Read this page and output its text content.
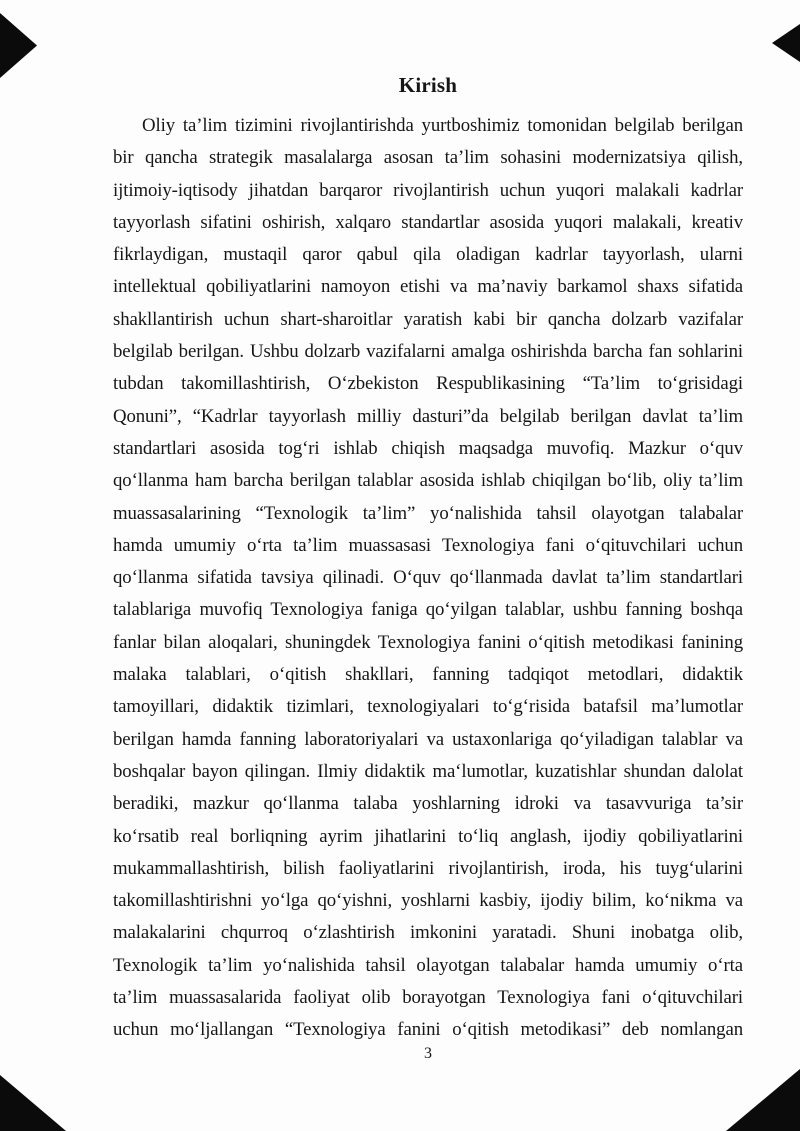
Kirish
Oliy ta’lim tizimini rivojlantirishda yurtboshimiz tomonidan belgilab berilgan
bir qancha strategik masalalarga asosan ta’lim sohasini modernizatsiya qilish,
ijtimoiy-iqtisody jihatdan barqaror rivojlantirish uchun yuqori malakali kadrlar
tayyorlash sifatini oshirish, xalqaro standartlar asosida yuqori malakali, kreativ
fikrlaydigan, mustaqil qaror qabul qila oladigan kadrlar tayyorlash, ularni
intellektual qobiliyatlarini namoyon etishi va ma’naviy barkamol shaxs sifatida
shakllantirish uchun shart-sharoitlar yaratish kabi bir qancha dolzarb vazifalar
belgilab berilgan. Ushbu dolzarb vazifalarni amalga oshirishda barcha fan sohlarini
tubdan takomillashtirish, Oʻzbekiston Respublikasining “Ta’lim toʻgrisidagi
Qonuni”, “Kadrlar tayyorlash milliy dasturi”da belgilab berilgan davlat ta’lim
standartlari asosida togʻri ishlab chiqish maqsadga muvofiq. Mazkur oʻquv
qoʻllanma ham barcha berilgan talablar asosida ishlab chiqilgan boʻlib, oliy ta’lim
muassasalarining “Texnologik ta’lim” yoʻnalishida tahsil olayotgan talabalar
hamda umumiy oʻrta ta’lim muassasasi Texnologiya fani oʻqituvchilari uchun
qoʻllanma sifatida tavsiya qilinadi. Oʻquv qoʻllanmada davlat ta’lim standartlari
talablariga muvofiq Texnologiya faniga qoʻyilgan talablar, ushbu fanning boshqa
fanlar bilan aloqalari, shuningdek Texnologiya fanini oʻqitish metodikasi fanining
malaka talablari, oʻqitish shakllari, fanning tadqiqot metodlari, didaktik
tamoyillari, didaktik tizimlari, texnologiyalari toʻgʻrisida batafsil ma’lumotlar
berilgan hamda fanning laboratoriyalari va ustaxonlariga qoʻyiladigan talablar va
boshqalar bayon qilingan. Ilmiy didaktik maʻlumotlar, kuzatishlar shundan dalolat
beradiki, mazkur qoʻllanma talaba yoshlarning idroki va tasavvuriga ta’sir
koʻrsatib real borliqning ayrim jihatlarini toʻliq anglash, ijodiy qobiliyatlarini
mukammallashtirish, bilish faoliyatlarini rivojlantirish, iroda, his tuygʻularini
takomillashtirishni yoʻlga qoʻyishni, yoshlarni kasbiy, ijodiy bilim, koʻnikma va
malakalarini chqurroq oʻzlashtirish imkonini yaratadi. Shuni inobatga olib,
Texnologik ta’lim yoʻnalishida tahsil olayotgan talabalar hamda umumiy oʻrta
ta’lim muassasalarida faoliyat olib borayotgan Texnologiya fani oʻqituvchilari
uchun moʻljallangan “Texnologiya fanini oʻqitish metodikasi” deb nomlangan
3
